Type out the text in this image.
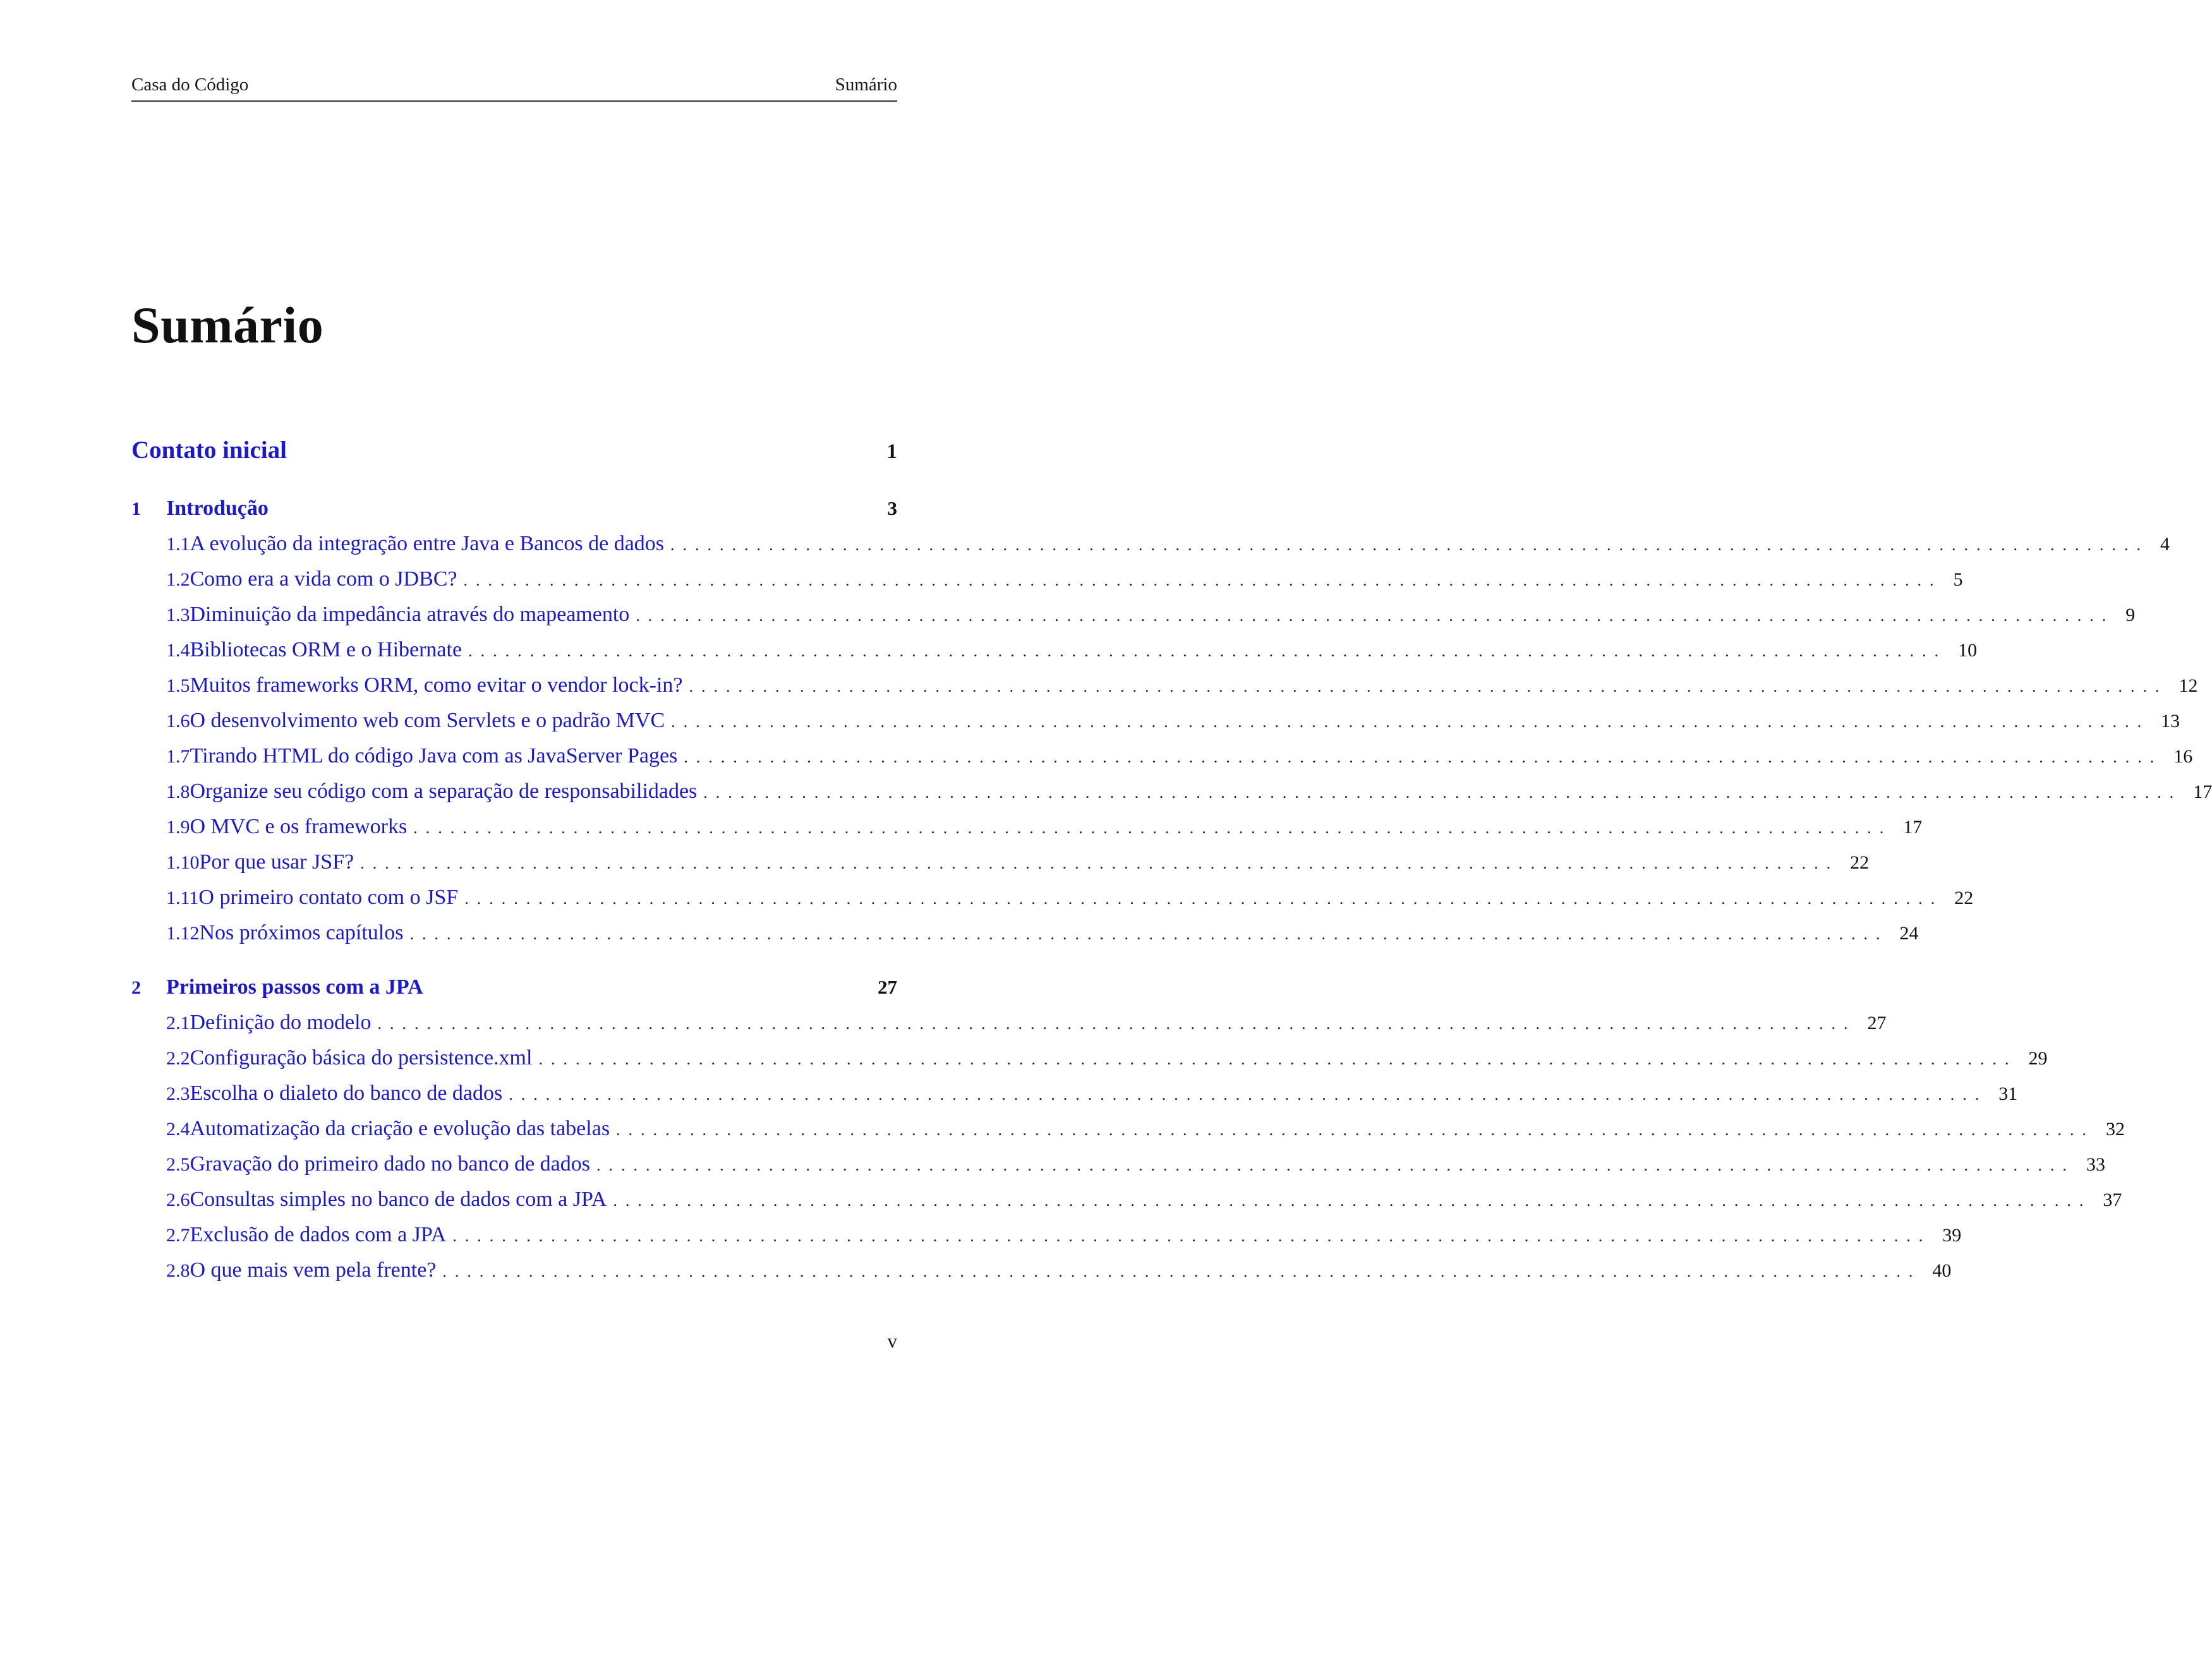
Casa do Código	Sumário
Sumário
Contato inicial	1
1	Introdução	3
1.1 A evolução da integração entre Java e Bancos de dados ........................................................................................................................ 4
1.2 Como era a vida com o JDBC? ........................................................................................................................ 5
1.3 Diminuição da impedância através do mapeamento ........................................................................................................................ 9
1.4 Bibliotecas ORM e o Hibernate ........................................................................................................................ 10
1.5 Muitos frameworks ORM, como evitar o vendor lock-in? ........................................................................................................................ 12
1.6 O desenvolvimento web com Servlets e o padrão MVC ........................................................................................................................ 13
1.7 Tirando HTML do código Java com as JavaServer Pages ........................................................................................................................ 16
1.8 Organize seu código com a separação de responsabilidades ........................................................................................................................ 17
1.9 O MVC e os frameworks ........................................................................................................................ 17
1.10 Por que usar JSF? ........................................................................................................................ 22
1.11 O primeiro contato com o JSF ........................................................................................................................ 22
1.12 Nos próximos capítulos ........................................................................................................................ 24
2	Primeiros passos com a JPA	27
2.1 Definição do modelo ........................................................................................................................ 27
2.2 Configuração básica do persistence.xml ........................................................................................................................ 29
2.3 Escolha o dialeto do banco de dados ........................................................................................................................ 31
2.4 Automatização da criação e evolução das tabelas ........................................................................................................................ 32
2.5 Gravação do primeiro dado no banco de dados ........................................................................................................................ 33
2.6 Consultas simples no banco de dados com a JPA ........................................................................................................................ 37
2.7 Exclusão de dados com a JPA ........................................................................................................................ 39
2.8 O que mais vem pela frente? ........................................................................................................................ 40
v
